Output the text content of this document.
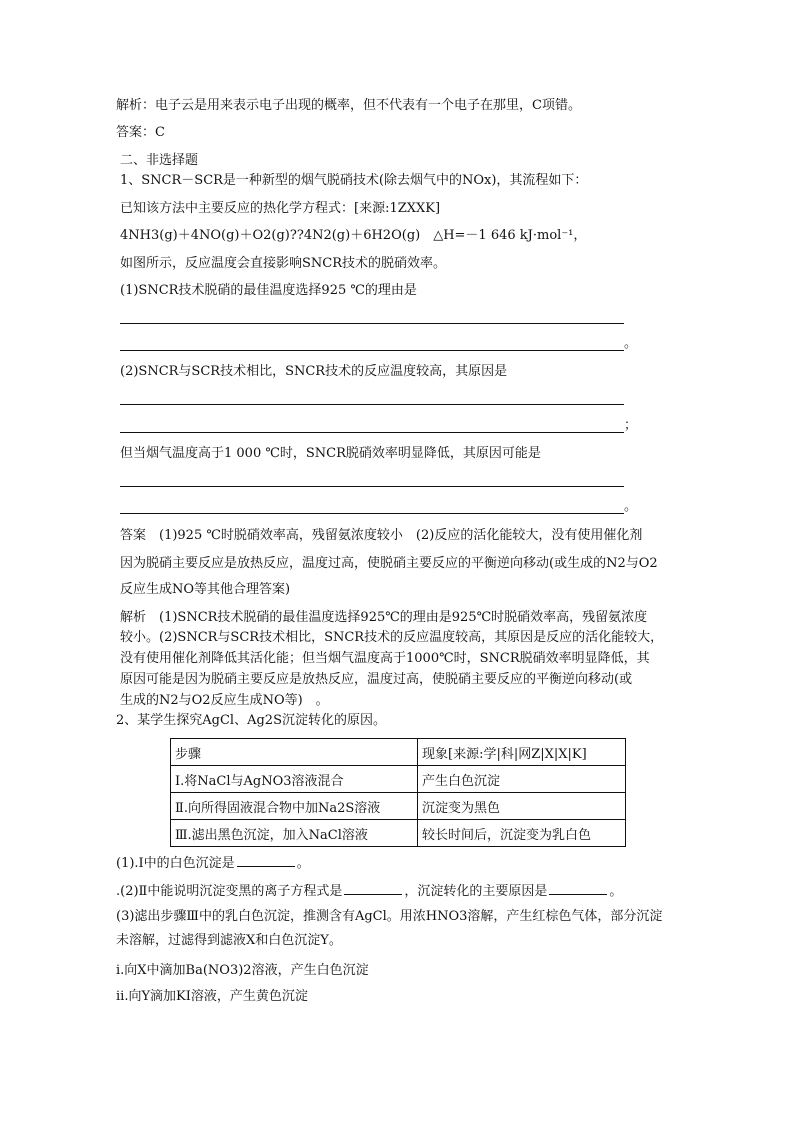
解析：电子云是用来表示电子出现的概率，但不代表有一个电子在那里，C项错。
答案：C
二、非选择题
1、SNCR－SCR是一种新型的烟气脱硝技术(除去烟气中的NOx)，其流程如下：
已知该方法中主要反应的热化学方程式：[来源:1ZXXK]
4NH3(g)＋4NO(g)＋O2(g)??4N2(g)＋6H2O(g)　△H=－1 646 kJ·mol⁻¹，
如图所示，反应温度会直接影响SNCR技术的脱硝效率。
(1)SNCR技术脱硝的最佳温度选择925 ℃的理由是
。
(2)SNCR与SCR技术相比，SNCR技术的反应温度较高，其原因是
；
但当烟气温度高于1 000 ℃时，SNCR脱硝效率明显降低，其原因可能是
。
答案　(1)925 ℃时脱硝效率高，残留氨浓度较小　(2)反应的活化能较大，没有使用催化剂
因为脱硝主要反应是放热反应，温度过高，使脱硝主要反应的平衡逆向移动(或生成的N2与O2
反应生成NO等其他合理答案)
解析　(1)SNCR技术脱硝的最佳温度选择925℃的理由是925℃时脱硝效率高，残留氨浓度
较小。(2)SNCR与SCR技术相比，SNCR技术的反应温度较高，其原因是反应的活化能较大，
没有使用催化剂降低其活化能；但当烟气温度高于1000℃时，SNCR脱硝效率明显降低，其
原因可能是因为脱硝主要反应是放热反应，温度过高，使脱硝主要反应的平衡逆向移动(或
生成的N2与O2反应生成NO等)　。
2、某学生探究AgCl、Ag2S沉淀转化的原因。
步骤	现象[来源:学|科|网Z|X|X|K]
Ⅰ.将NaCl与AgNO3溶液混合	产生白色沉淀
Ⅱ.向所得固液混合物中加Na2S溶液	沉淀变为黑色
Ⅲ.滤出黑色沉淀，加入NaCl溶液	较长时间后，沉淀变为乳白色
(1).Ⅰ中的白色沉淀是	。
.(2)Ⅱ中能说明沉淀变黑的离子方程式是	，沉淀转化的主要原因是	。
(3)滤出步骤Ⅲ中的乳白色沉淀，推测含有AgCl。用浓HNO3溶解，产生红棕色气体，部分沉淀
未溶解，过滤得到滤液X和白色沉淀Y。
ⅰ.向X中滴加Ba(NO3)2溶液，产生白色沉淀
ⅱ.向Y滴加KI溶液，产生黄色沉淀
